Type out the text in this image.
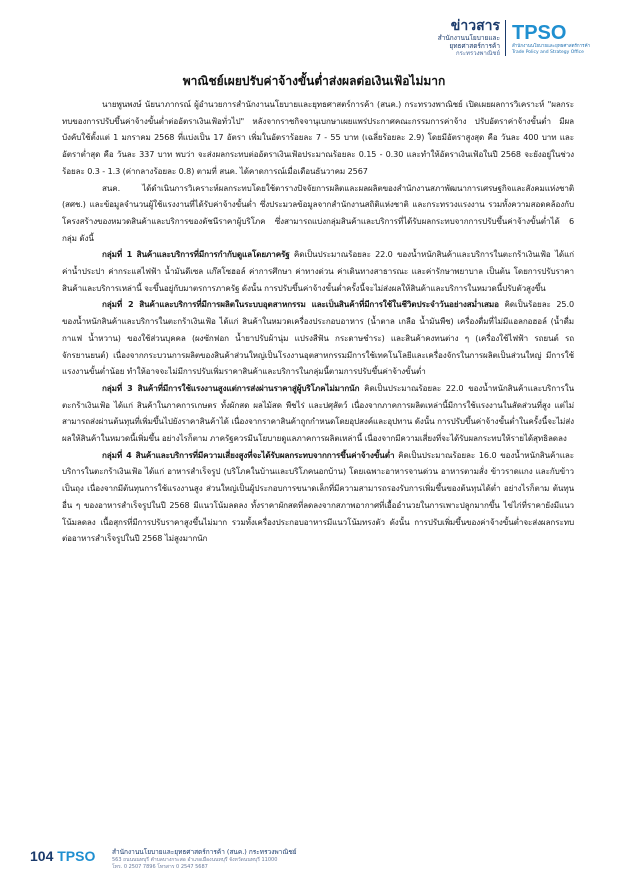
ข่าวสาร
สำนักงานนโยบายและ
ยุทธศาสตร์การค้า
กระทรวงพาณิชย์
TPSO
สำนักงานนโยบายและยุทธศาสตร์การค้า
Trade Policy and Strategy Office
พาณิชย์เผยปรับค่าจ้างขั้นต่ำส่งผลต่อเงินเฟ้อไม่มาก

นายพูนพงษ์ นัยนาภากรณ์ ผู้อำนวยการสำนักงานนโยบายและยุทธศาสตร์การค้า (สนค.) กระทรวงพาณิชย์ เปิดเผยผลการวิเคราะห์ "ผลกระทบของการปรับขึ้นค่าจ้างขั้นต่ำต่ออัตราเงินเฟ้อทั่วไป" หลังจากราชกิจจานุเบกษาเผยแพร่ประกาศคณะกรรมการค่าจ้าง ปรับอัตราค่าจ้างขั้นต่ำ มีผลบังคับใช้ตั้งแต่ 1 มกราคม 2568 ที่แบ่งเป็น 17 อัตรา เพิ่มในอัตราร้อยละ 7 - 55 บาท (เฉลี่ยร้อยละ 2.9) โดยมีอัตราสูงสุด คือ วันละ 400 บาท และอัตราต่ำสุด คือ วันละ 337 บาท พบว่า จะส่งผลกระทบต่ออัตราเงินเฟ้อประมาณร้อยละ 0.15 - 0.30 และทำให้อัตราเงินเฟ้อในปี 2568 จะยังอยู่ในช่วงร้อยละ 0.3 - 1.3 (ค่ากลางร้อยละ 0.8) ตามที่ สนค. ได้คาดการณ์เมื่อเดือนธันวาคม 2567

สนค. ได้ดำเนินการวิเคราะห์ผลกระทบโดยใช้ตารางปัจจัยการผลิตและผลผลิตของสำนักงานสภาพัฒนาการเศรษฐกิจและสังคมแห่งชาติ (สศช.) และข้อมูลจำนวนผู้ใช้แรงงานที่ได้รับค่าจ้างขั้นต่ำ ซึ่งประมวลข้อมูลจากสำนักงานสถิติแห่งชาติ และกระทรวงแรงงาน รวมทั้งความสอดคล้องกับโครงสร้างของหมวดสินค้าและบริการของดัชนีราคาผู้บริโภค ซึ่งสามารถแบ่งกลุ่มสินค้าและบริการที่ได้รับผลกระทบจากการปรับขึ้นค่าจ้างขั้นต่ำได้ 6 กลุ่ม ดังนี้

กลุ่มที่ 1 สินค้าและบริการที่มีการกำกับดูแลโดยภาครัฐ คิดเป็นประมาณร้อยละ 22.0 ของน้ำหนักสินค้าและบริการในตะกร้าเงินเฟ้อ ได้แก่ ค่าน้ำประปา ค่ากระแสไฟฟ้า น้ำมันดีเซล แก๊สโซฮอล์ ค่าการศึกษา ค่าทางด่วน ค่าเดินทางสาธารณะ และค่ารักษาพยาบาล เป็นต้น โดยการปรับราคาสินค้าและบริการเหล่านี้ จะขึ้นอยู่กับมาตรการภาครัฐ ดังนั้น การปรับขึ้นค่าจ้างขั้นต่ำครั้งนี้จะไม่ส่งผลให้สินค้าและบริการในหมวดนี้ปรับตัวสูงขึ้น

กลุ่มที่ 2 สินค้าและบริการที่มีการผลิตในระบบอุตสาหกรรม และเป็นสินค้าที่มีการใช้ในชีวิตประจำวันอย่างสม่ำเสมอ คิดเป็นร้อยละ 25.0 ของน้ำหนักสินค้าและบริการในตะกร้าเงินเฟ้อ ได้แก่ สินค้าในหมวดเครื่องประกอบอาหาร (น้ำตาล เกลือ น้ำมันพืช) เครื่องดื่มที่ไม่มีแอลกอฮอล์ (น้ำดื่ม กาแฟ น้ำหวาน) ของใช้ส่วนบุคคล (ผงซักฟอก น้ำยาปรับผ้านุ่ม แปรงสีฟัน กระดาษชำระ) และสินค้าคงทนต่าง ๆ (เครื่องใช้ไฟฟ้า รถยนต์ รถจักรยานยนต์) เนื่องจากกระบวนการผลิตของสินค้าส่วนใหญ่เป็นโรงงานอุตสาหกรรมมีการใช้เทคโนโลยีและเครื่องจักรในการผลิตเป็นส่วนใหญ่ มีการใช้แรงงานขั้นต่ำน้อย ทำให้อาจจะไม่มีการปรับเพิ่มราคาสินค้าและบริการในกลุ่มนี้ตามการปรับขึ้นค่าจ้างขั้นต่ำ

กลุ่มที่ 3 สินค้าที่มีการใช้แรงงานสูงแต่การส่งผ่านราคาสู่ผู้บริโภคไม่มากนัก คิดเป็นประมาณร้อยละ 22.0 ของน้ำหนักสินค้าและบริการในตะกร้าเงินเฟ้อ ได้แก่ สินค้าในภาคการเกษตร ทั้งผักสด ผลไม้สด พืชไร่ และปศุสัตว์ เนื่องจากภาคการผลิตเหล่านี้มีการใช้แรงงานในสัดส่วนที่สูง แต่ไม่สามารถส่งผ่านต้นทุนที่เพิ่มขึ้นไปยังราคาสินค้าได้ เนื่องจากราคาสินค้าถูกกำหนดโดยอุปสงค์และอุปทาน ดังนั้น การปรับขึ้นค่าจ้างขั้นต่ำในครั้งนี้จะไม่ส่งผลให้สินค้าในหมวดนี้เพิ่มขึ้น อย่างไรก็ตาม ภาครัฐควรมีนโยบายดูแลภาคการผลิตเหล่านี้ เนื่องจากมีความเสี่ยงที่จะได้รับผลกระทบให้รายได้สุทธิลดลง

กลุ่มที่ 4 สินค้าและบริการที่มีความเสี่ยงสูงที่จะได้รับผลกระทบจากการขึ้นค่าจ้างขั้นต่ำ คิดเป็นประมาณร้อยละ 16.0 ของน้ำหนักสินค้าและบริการในตะกร้าเงินเฟ้อ ได้แก่ อาหารสำเร็จรูป (บริโภคในบ้านและบริโภคนอกบ้าน) โดยเฉพาะอาหารจานด่วน อาหารตามสั่ง ข้าวราดแกง และกับข้าวเป็นถุง เนื่องจากมีต้นทุนการใช้แรงงานสูง ส่วนใหญ่เป็นผู้ประกอบการขนาดเล็กที่มีความสามารถรองรับการเพิ่มขึ้นของต้นทุนได้ต่ำ อย่างไรก็ตาม ต้นทุนอื่น ๆ ของอาหารสำเร็จรูปในปี 2568 มีแนวโน้มลดลง ทั้งราคาผักสดที่ลดลงจากสภาพอากาศที่เอื้ออำนวยในการเพาะปลูกมากขึ้น ไข่ไก่ที่ราคายังมีแนวโน้มลดลง เนื้อสุกรที่มีการปรับราคาสูงขึ้นไม่มาก รวมทั้งเครื่องประกอบอาหารมีแนวโน้มทรงตัว ดังนั้น การปรับเพิ่มขึ้นของค่าจ้างขั้นต่ำจะส่งผลกระทบต่ออาหารสำเร็จรูปในปี 2568 ไม่สูงมากนัก

104 TPSO	สำนักงานนโยบายและยุทธศาสตร์การค้า (สนค.) กระทรวงพาณิชย์
563 ถนนนนทบุรี ตำบลบางกระสอ อำเภอเมืองนนทบุรี จังหวัดนนทบุรี 11000
โทร. 0 2507 7896 โทรสาร 0 2547 5687
